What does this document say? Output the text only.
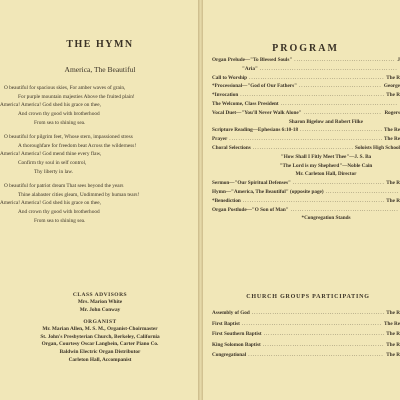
THE HYMN
America, The Beautiful
O beautiful for spacious skies, For amber waves of grain,
For purple mountain majesties Above the fruited plain!
America! America! God shed his grace on thee,
And crown thy good with brotherhood
From sea to shining sea.
O beautiful for pilgrim feet, Whose stern, impassioned stress
A thoroughfare for freedom beat Across the wilderness!
America! America! God mend thine every flaw,
Confirm thy soul in self control,
Thy liberty in law.
O beautiful for patriot dream That sees beyond the years
Thine alabaster cities gleam, Undimmed by human tears!
America! America! God shed his grace on thee,
And crown thy good with brotherhood
From sea to shining sea.
CLASS ADVISORS
Mrs. Marion White
Mr. John Conway
ORGANIST
Mr. Marian Allen, M. S. M., Organist-Choirmaster
St. John's Presbyterian Church, Berkeley, California
Organ, Courtesy Oscar Langbein, Carter Piano Co.
Baldwin Electric Organ Distributor
Carleton Hall, Accompanist
PROGRAM
Organ Prelude—"To Blessed Souls" .....	J
"Aria"
.....
Call to Worship .....	The R
*Processional—"God of Our Fathers" .....	George
*Invocation .....	The R
The Welcome, Class President
.....
Vocal Duet—"You'll Never Walk Alone" .....	Rogers
Sharon Bigelow and Robert Filke
Scripture Reading—Ephesians 6:10-18 .....	The Re
Prayer .....	The Re
Choral Selections .....	Soloists High School
"How Shall I Fitly Meet Thee"—J. S. Ba
"The Lord is my Shepherd"—Noble Cain
Mr. Carleton Hall, Director
Sermon—"Our Spiritual Defenses" .....	The R
Hymn—"America, The Beautiful" (opposite page)
.....
*Benediction .....	The R
Organ Postlude—"O Son of Man"
.....
*Congregation Stands
CHURCH GROUPS PARTICIPATING
Assembly of God .....	The R
First Baptist .....	The Re
First Southern Baptist .....	The R
King Solomon Baptist .....	The R
Congregational .....	The R
